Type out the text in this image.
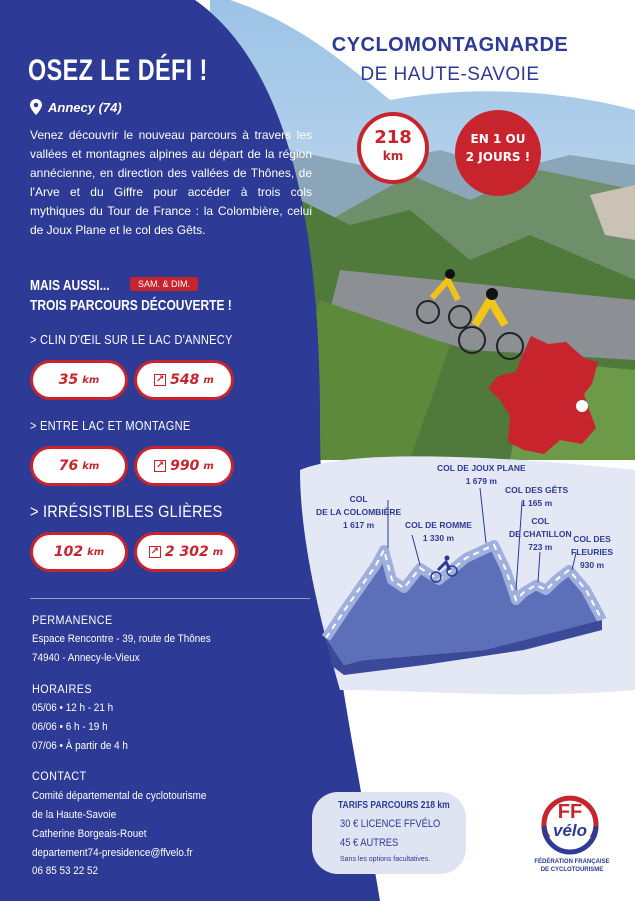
CYCLOMONTAGNARDE
DE HAUTE-SAVOIE
218
km
EN 1 OU
2 JOURS !
OSEZ LE DÉFI !
Annecy (74)
Venez découvrir le nouveau parcours à travers les vallées et montagnes alpines au départ de la région annécienne, en direction des vallées de Thônes, de l'Arve et du Giffre pour accéder à trois cols mythiques du Tour de France : la Colombière, celui de Joux Plane et le col des Gêts.
MAIS AUSSI...
TROIS PARCOURS DÉCOUVERTE !
SAM. & DIM.
> CLIN D'ŒIL SUR LE LAC D'ANNECY
35 km	↗ 548 m
> ENTRE LAC ET MONTAGNE
76 km	↗ 990 m
> IRRÉSISTIBLES GLIÈRES
102 km	↗ 2 302 m
PERMANENCE
Espace Rencontre - 39, route de Thônes
74940 - Annecy-le-Vieux
HORAIRES
05/06 • 12 h - 21 h
06/06 • 6 h - 19 h
07/06 • À partir de 4 h
CONTACT
Comité départemental de cyclotourisme
de la Haute-Savoie
Catherine Borgeais-Rouet
departement74-presidence@ffvelo.fr
06 85 53 22 52
COL
DE LA COLOMBIÈRE
1 617 m	COL DE ROMME
1 330 m
COL DE JOUX PLANE
1 679 m
COL DES GÊTS
1 165 m
COL
DE CHATILLON
723 m
COL DES
FLEURIES
930 m
TARIFS PARCOURS 218 km
30 € LICENCE FFVÉLO
45 € AUTRES
Sans les options facultatives.
FF
vélo
FÉDÉRATION FRANÇAISE
DE CYCLOTOURISME
